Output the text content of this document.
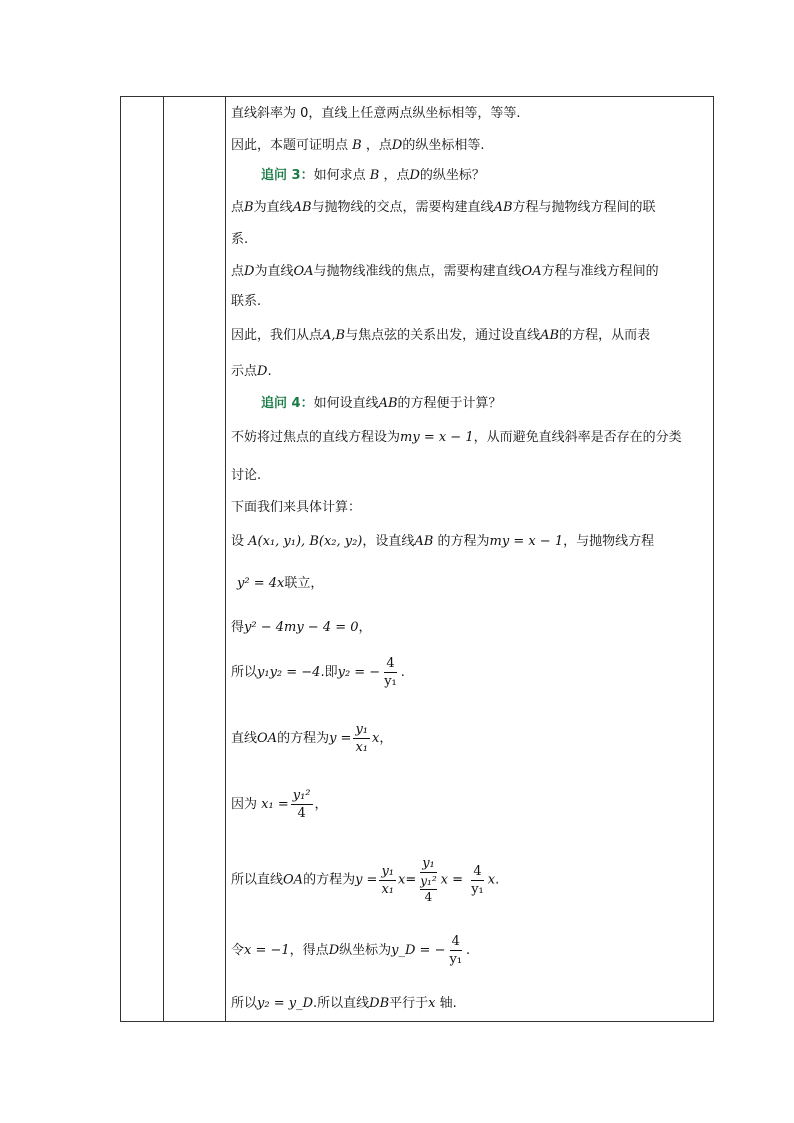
直线斜率为 0，直线上任意两点纵坐标相等，等等.
因此，本题可证明点 B ，点D的纵坐标相等.
追问 3：如何求点 B ，点D的纵坐标？
点B为直线AB与抛物线的交点，需要构建直线AB方程与抛物线方程间的联
系.
点D为直线OA与抛物线准线的焦点，需要构建直线OA方程与准线方程间的
联系.
因此，我们从点A,B与焦点弦的关系出发，通过设直线AB的方程，从而表
示点D.
追问 4：如何设直线AB的方程便于计算？
不妨将过焦点的直线方程设为my = x − 1，从而避免直线斜率是否存在的分类
讨论.
下面我们来具体计算：
设 A(x₁, y₁), B(x₂, y₂)，设直线AB 的方程为my = x − 1，与抛物线方程
y² = 4x联立，
得y² − 4my − 4 = 0，
所以y₁y₂ = −4.即y₂ = − $\frac{4}{\text{y₁}}$ .
直线OA的方程为$y = \frac{\text{y₁}}{\text{x₁}}$ x，
因为 $x_1 = \frac{\text{y₁²}}{4}$ ，
所以直线OA的方程为$y = \frac{\text{y₁}}{\text{x₁}} x= \frac{\text{y₁}}{\frac{\text{y₁²}}{4}}$ $x = \frac{4}{\text{y₁}} x$.
令x = −1，得点D纵坐标为y_D = − $\frac{4}{\text{y₁}}$ .
所以y₂ = y_D.所以直线DB平行于x 轴.
